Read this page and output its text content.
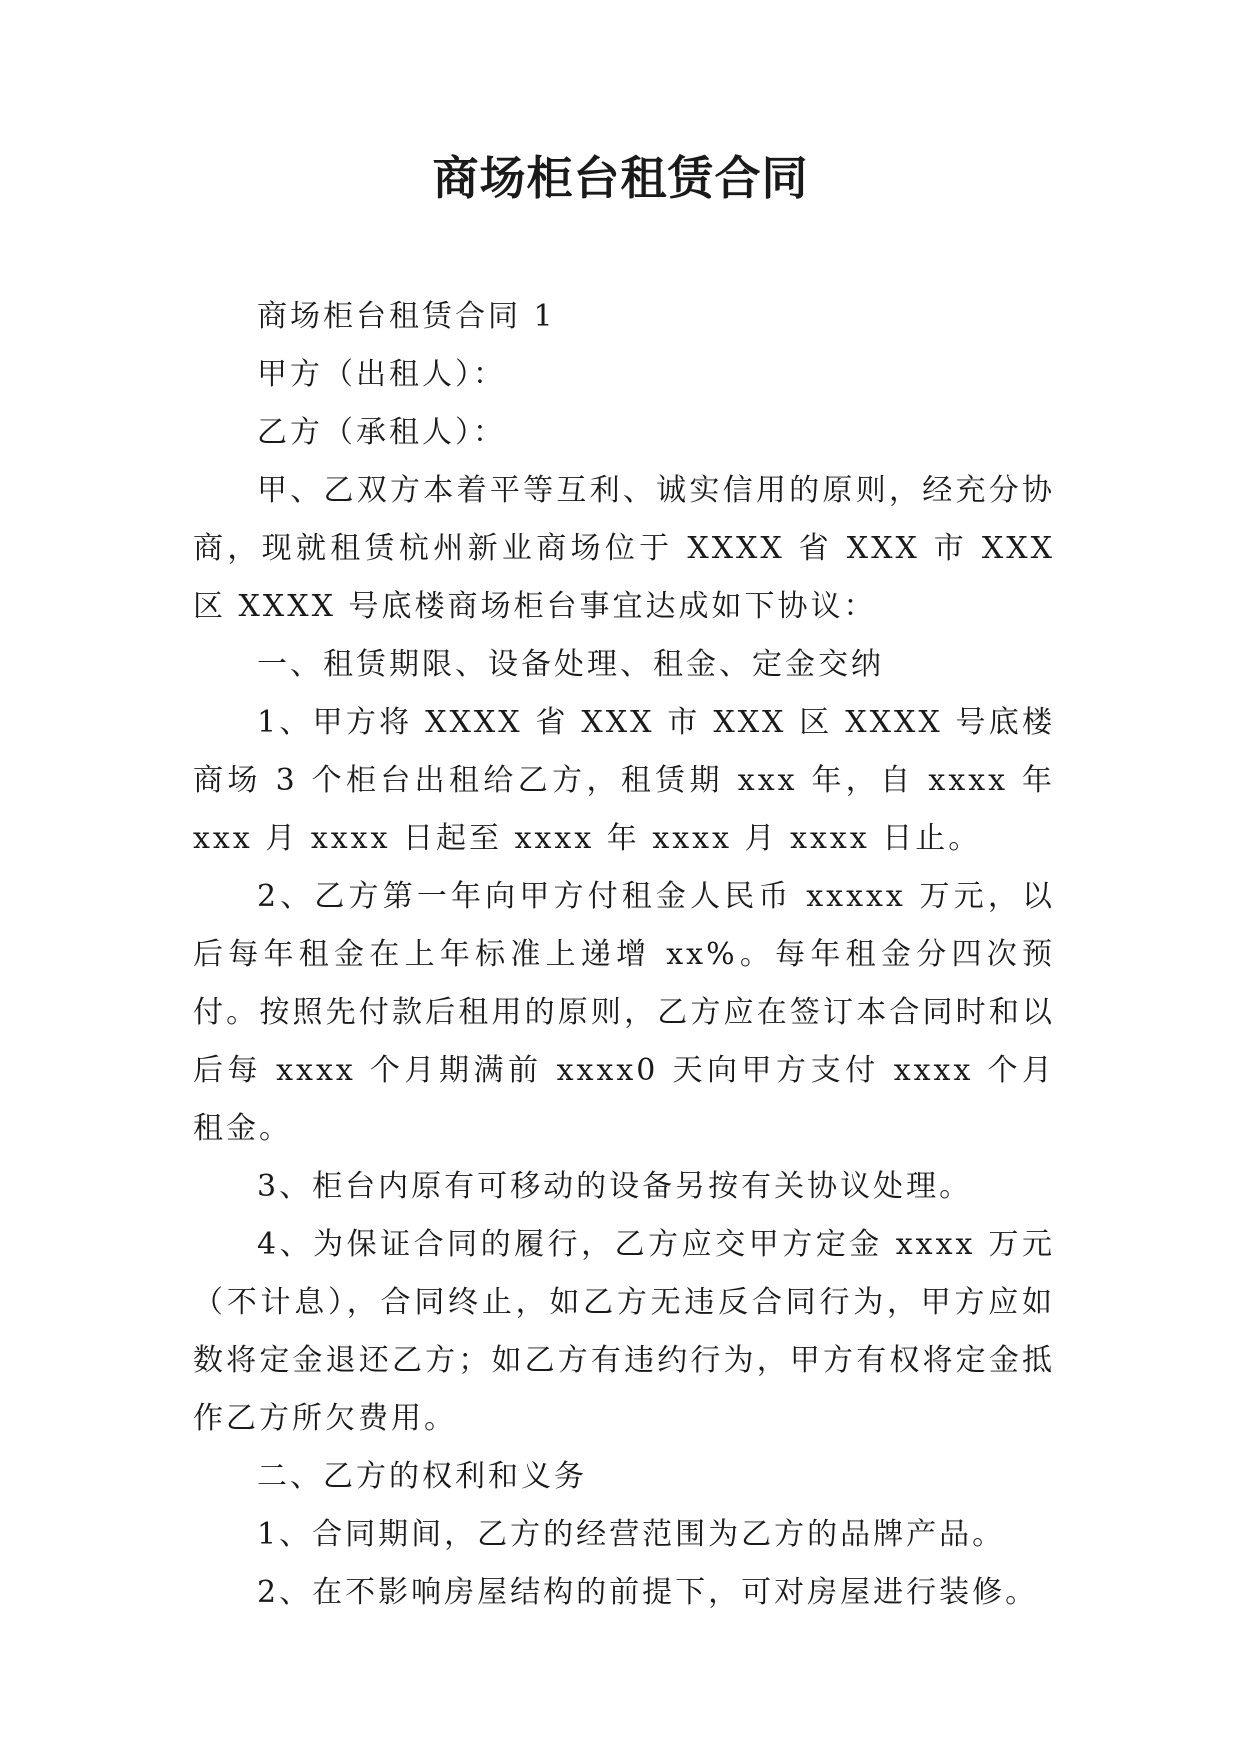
商场柜台租赁合同

商场柜台租赁合同 1

甲方（出租人）：

乙方（承租人）：

甲、乙双方本着平等互利、诚实信用的原则，经充分协商，现就租赁杭州新业商场位于 XXXX 省 XXX 市 XXX 区 XXXX 号底楼商场柜台事宜达成如下协议：

一、租赁期限、设备处理、租金、定金交纳

1、甲方将 XXXX 省 XXX 市 XXX 区 XXXX 号底楼商场 3 个柜台出租给乙方，租赁期 xxx 年，自 xxxx 年 xxx 月 xxxx 日起至 xxxx 年 xxxx 月 xxxx 日止。

2、乙方第一年向甲方付租金人民币 xxxxx 万元，以后每年租金在上年标准上递增 xx%。每年租金分四次预付。按照先付款后租用的原则，乙方应在签订本合同时和以后每 xxxx 个月期满前 xxxx0 天向甲方支付 xxxx 个月租金。

3、柜台内原有可移动的设备另按有关协议处理。

4、为保证合同的履行，乙方应交甲方定金 xxxx 万元（不计息），合同终止，如乙方无违反合同行为，甲方应如数将定金退还乙方；如乙方有违约行为，甲方有权将定金抵作乙方所欠费用。

二、乙方的权利和义务

1、合同期间，乙方的经营范围为乙方的品牌产品。

2、在不影响房屋结构的前提下，可对房屋进行装修。
